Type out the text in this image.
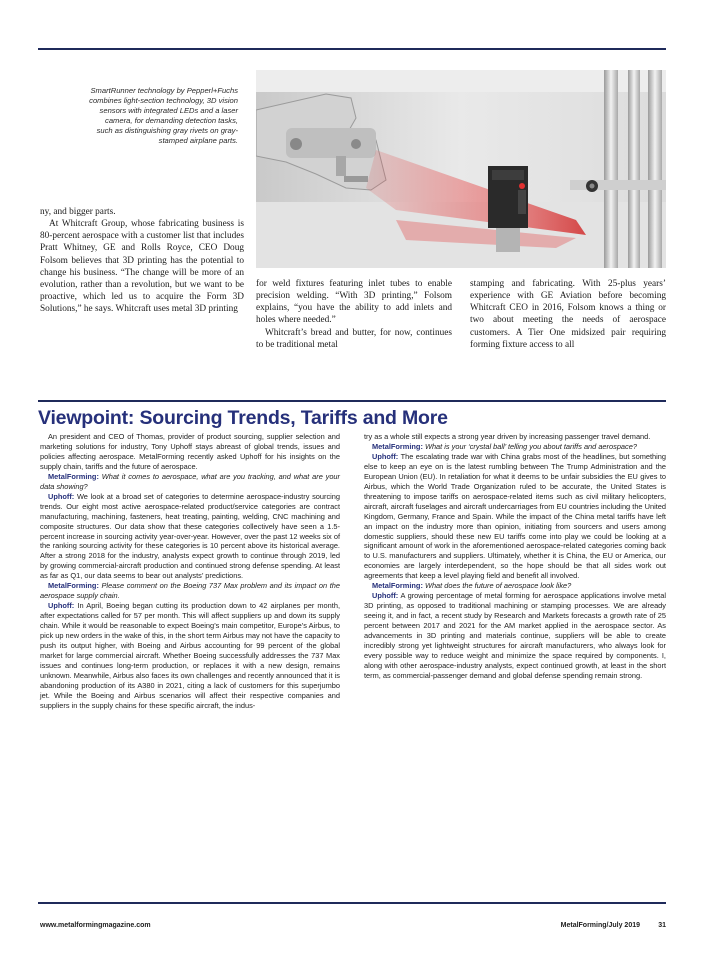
SmartRunner technology by Pepperl+Fuchs combines light-section technology, 3D vision sensors with integrated LEDs and a laser camera, for demanding detection tasks, such as distinguishing gray rivets on gray-stamped airplane parts.

ny, and bigger parts.

At Whitcraft Group, whose fabricating business is 80-percent aerospace with a customer list that includes Pratt Whitney, GE and Rolls Royce, CEO Doug Folsom believes that 3D printing has the potential to change his business. “The change will be more of an evolution, rather than a revolution, but we want to be proactive, which led us to acquire the Form 3D Solutions,” he says. Whitcraft uses metal 3D printing

for weld fixtures featuring inlet tubes to enable precision welding. “With 3D printing,” Folsom explains, “you have the ability to add inlets and holes where needed.”

Whitcraft’s bread and butter, for now, continues to be traditional metal

stamping and fabricating. With 25-plus years’ experience with GE Aviation before becoming Whitcraft CEO in 2016, Folsom knows a thing or two about meeting the needs of aerospace customers. A Tier One midsized pair requiring forming fixture access to all

Viewpoint: Sourcing Trends, Tariffs and More

An president and CEO of Thomas, provider of product sourcing, supplier selection and marketing solutions for industry, Tony Uphoff stays abreast of global trends, issues and policies affecting aerospace. MetalForming recently asked Uphoff for his insights on the supply chain, tariffs and the future of aerospace.

MetalForming: What it comes to aerospace, what are you tracking, and what are your data showing?

Uphoff: We look at a broad set of categories to determine aerospace-industry sourcing trends. Our eight most active aerospace-related product/service categories are contract manufacturing, machining, fasteners, heat treating, painting, welding, CNC machining and composite structures. Our data show that these categories collectively have seen a 1.5-percent increase in sourcing activity year-over-year. However, over the past 12 weeks six of the ranking sourcing activity for these categories is 10 percent above its historical average. After a strong 2018 for the industry, analysts expect growth to continue through 2019, led by growing commercial-aircraft production and continued strong defense spending. At least as far as Q1, our data seems to bear out analysts’ predictions.

MetalForming: Please comment on the Boeing 737 Max problem and its impact on the aerospace supply chain.

Uphoff: In April, Boeing began cutting its production down to 42 airplanes per month, after expectations called for 57 per month. This will affect suppliers up and down its supply chain. While it would be reasonable to expect Boeing’s main competitor, Europe’s Airbus, to pick up new orders in the wake of this, in the short term Airbus may not have the capacity to push its output higher, with Boeing and Airbus accounting for 99 percent of the global market for large commercial aircraft. Whether Boeing successfully addresses the 737 Max issues and continues long-term production, or replaces it with a new design, remains unknown. Meanwhile, Airbus also faces its own challenges and recently announced that it is abandoning production of its A380 in 2021, citing a lack of customers for this superjumbo jet. While the Boeing and Airbus scenarios will affect their respective companies and suppliers in the supply chains for these specific aircraft, the indus-

try as a whole still expects a strong year driven by increasing passenger travel demand.

MetalForming: What is your ‘crystal ball’ telling you about tariffs and aerospace?

Uphoff: The escalating trade war with China grabs most of the headlines, but something else to keep an eye on is the latest rumbling between The Trump Administration and the European Union (EU). In retaliation for what it deems to be unfair subsidies the EU gives to Airbus, which the World Trade Organization ruled to be accurate, the United States is threatening to impose tariffs on aerospace-related items such as civil military helicopters, aircraft, aircraft fuselages and aircraft undercarriages from EU countries including the United Kingdom, Germany, France and Spain. While the impact of the China metal tariffs have left an impact on the industry more than opinion, initiating from sourcers and users among domestic suppliers, should these new EU tariffs come into play we could be looking at a significant amount of work in the aforementioned aerospace-related categories coming back to U.S. manufacturers and suppliers. Ultimately, whether it is China, the EU or America, our economies are largely interdependent, so the hope should be that all sides work out agreements that keep a level playing field and benefit all involved.

MetalForming: What does the future of aerospace look like?

Uphoff: A growing percentage of metal forming for aerospace applications involve metal 3D printing, as opposed to traditional machining or stamping processes. We are already seeing it, and in fact, a recent study by Research and Markets forecasts a growth rate of 25 percent between 2017 and 2021 for the AM market applied in the aerospace sector. As advancements in 3D printing and materials continue, suppliers will be able to create incredibly strong yet lightweight structures for aircraft manufacturers, who always look for every possible way to reduce weight and minimize the space required by components. I, along with other aerospace-industry analysts, expect continued growth, at least in the short term, as commercial-passenger demand and global defense spending remain strong.

www.metalformingmagazine.com	MetalForming/July 2019	31
